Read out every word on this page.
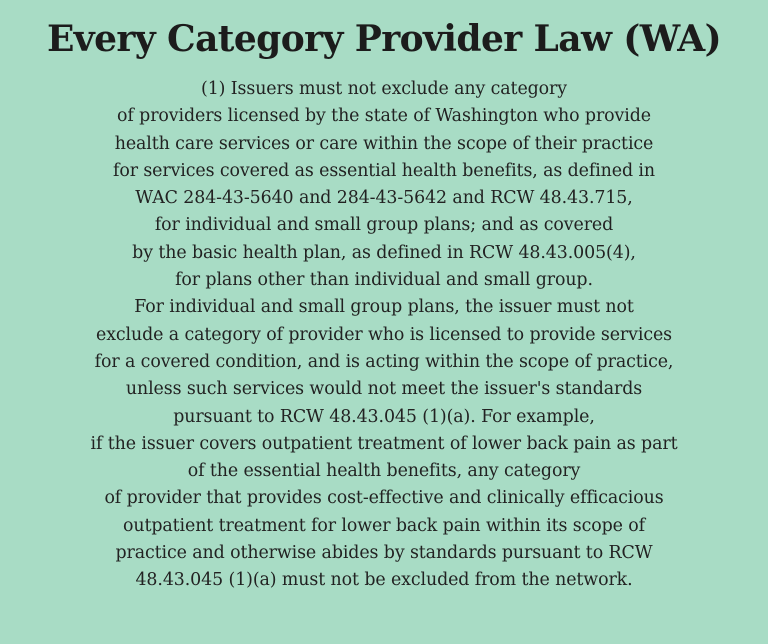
Every Category Provider Law (WA)
(1) Issuers must not exclude any category
of providers licensed by the state of Washington who provide
health care services or care within the scope of their practice
for services covered as essential health benefits, as defined in
WAC 284-43-5640 and 284-43-5642 and RCW 48.43.715,
for individual and small group plans; and as covered
by the basic health plan, as defined in RCW 48.43.005(4),
for plans other than individual and small group.
For individual and small group plans, the issuer must not
exclude a category of provider who is licensed to provide services
for a covered condition, and is acting within the scope of practice,
unless such services would not meet the issuer's standards
pursuant to RCW 48.43.045 (1)(a). For example,
if the issuer covers outpatient treatment of lower back pain as part
of the essential health benefits, any category
of provider that provides cost-effective and clinically efficacious
outpatient treatment for lower back pain within its scope of
practice and otherwise abides by standards pursuant to RCW
48.43.045 (1)(a) must not be excluded from the network.
